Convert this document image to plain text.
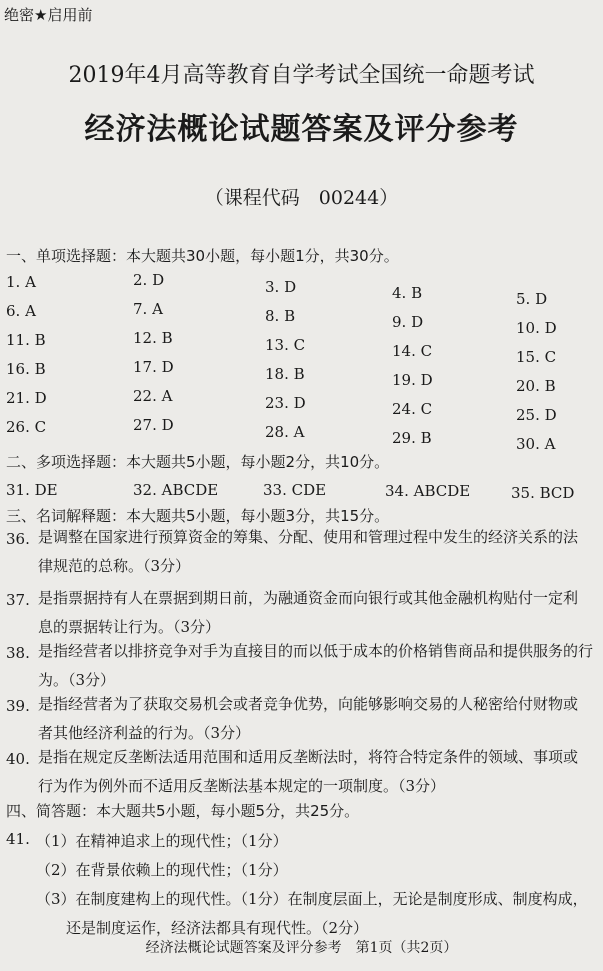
绝密★启用前
2019年4月高等教育自学考试全国统一命题考试
经济法概论试题答案及评分参考
（课程代码　00244）
一、单项选择题：本大题共30小题，每小题1分，共30分。
1. A	2. D	3. D	4. B	5. D
6. A	7. A	8. B	9. D	10. D
11. B	12. B	13. C	14. C	15. C
16. B	17. D	18. B	19. D	20. B
21. D	22. A	23. D	24. C	25. D
26. C	27. D	28. A	29. B	30. A
二、多项选择题：本大题共5小题，每小题2分，共10分。
31. DE	32. ABCDE	33. CDE	34. ABCDE	35. BCD
三、名词解释题：本大题共5小题，每小题3分，共15分。
36. 是调整在国家进行预算资金的筹集、分配、使用和管理过程中发生的经济关系的法
律规范的总称。（3分）
37. 是指票据持有人在票据到期日前，为融通资金而向银行或其他金融机构贴付一定利
息的票据转让行为。（3分）
38. 是指经营者以排挤竞争对手为直接目的而以低于成本的价格销售商品和提供服务的行
为。（3分）
39. 是指经营者为了获取交易机会或者竞争优势，向能够影响交易的人秘密给付财物或
者其他经济利益的行为。（3分）
40. 是指在规定反垄断法适用范围和适用反垄断法时，将符合特定条件的领域、事项或
行为作为例外而不适用反垄断法基本规定的一项制度。（3分）
四、简答题：本大题共5小题，每小题5分，共25分。
41. （1）在精神追求上的现代性；（1分）
（2）在背景依赖上的现代性；（1分）
（3）在制度建构上的现代性。（1分）在制度层面上，无论是制度形成、制度构成，
还是制度运作，经济法都具有现代性。（2分）
经济法概论试题答案及评分参考　第1页（共2页）
